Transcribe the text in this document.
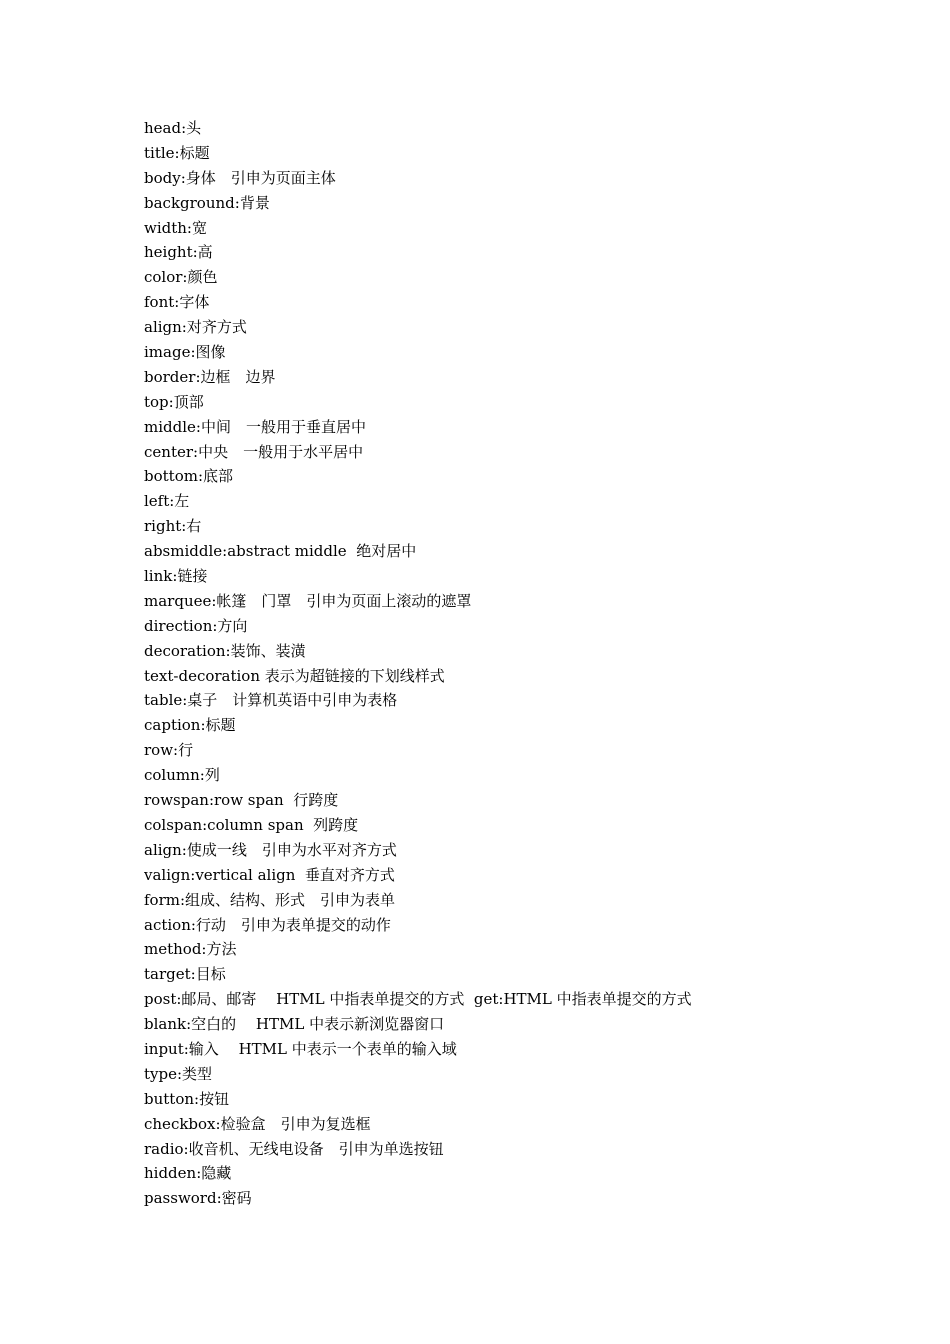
head:头
title:标题
body:身体　引申为页面主体
background:背景
width:宽
height:高
color:颜色
font:字体
align:对齐方式
image:图像
border:边框　边界
top:顶部
middle:中间　一般用于垂直居中
center:中央　一般用于水平居中
bottom:底部
left:左
right:右
absmiddle:abstract middle  绝对居中
link:链接
marquee:帐篷　门罩　引申为页面上滚动的遮罩
direction:方向
decoration:装饰、装潢
text-decoration 表示为超链接的下划线样式
table:桌子　计算机英语中引申为表格
caption:标题
row:行
column:列
rowspan:row span  行跨度
colspan:column span  列跨度
align:使成一线　引申为水平对齐方式
valign:vertical align  垂直对齐方式
form:组成、结构、形式　引申为表单
action:行动　引申为表单提交的动作
method:方法
target:目标
post:邮局、邮寄　 HTML 中指表单提交的方式  get:HTML 中指表单提交的方式
blank:空白的　 HTML 中表示新浏览器窗口
input:输入　 HTML 中表示一个表单的输入域
type:类型
button:按钮
checkbox:检验盒　引申为复选框
radio:收音机、无线电设备　引申为单选按钮
hidden:隐藏
password:密码
